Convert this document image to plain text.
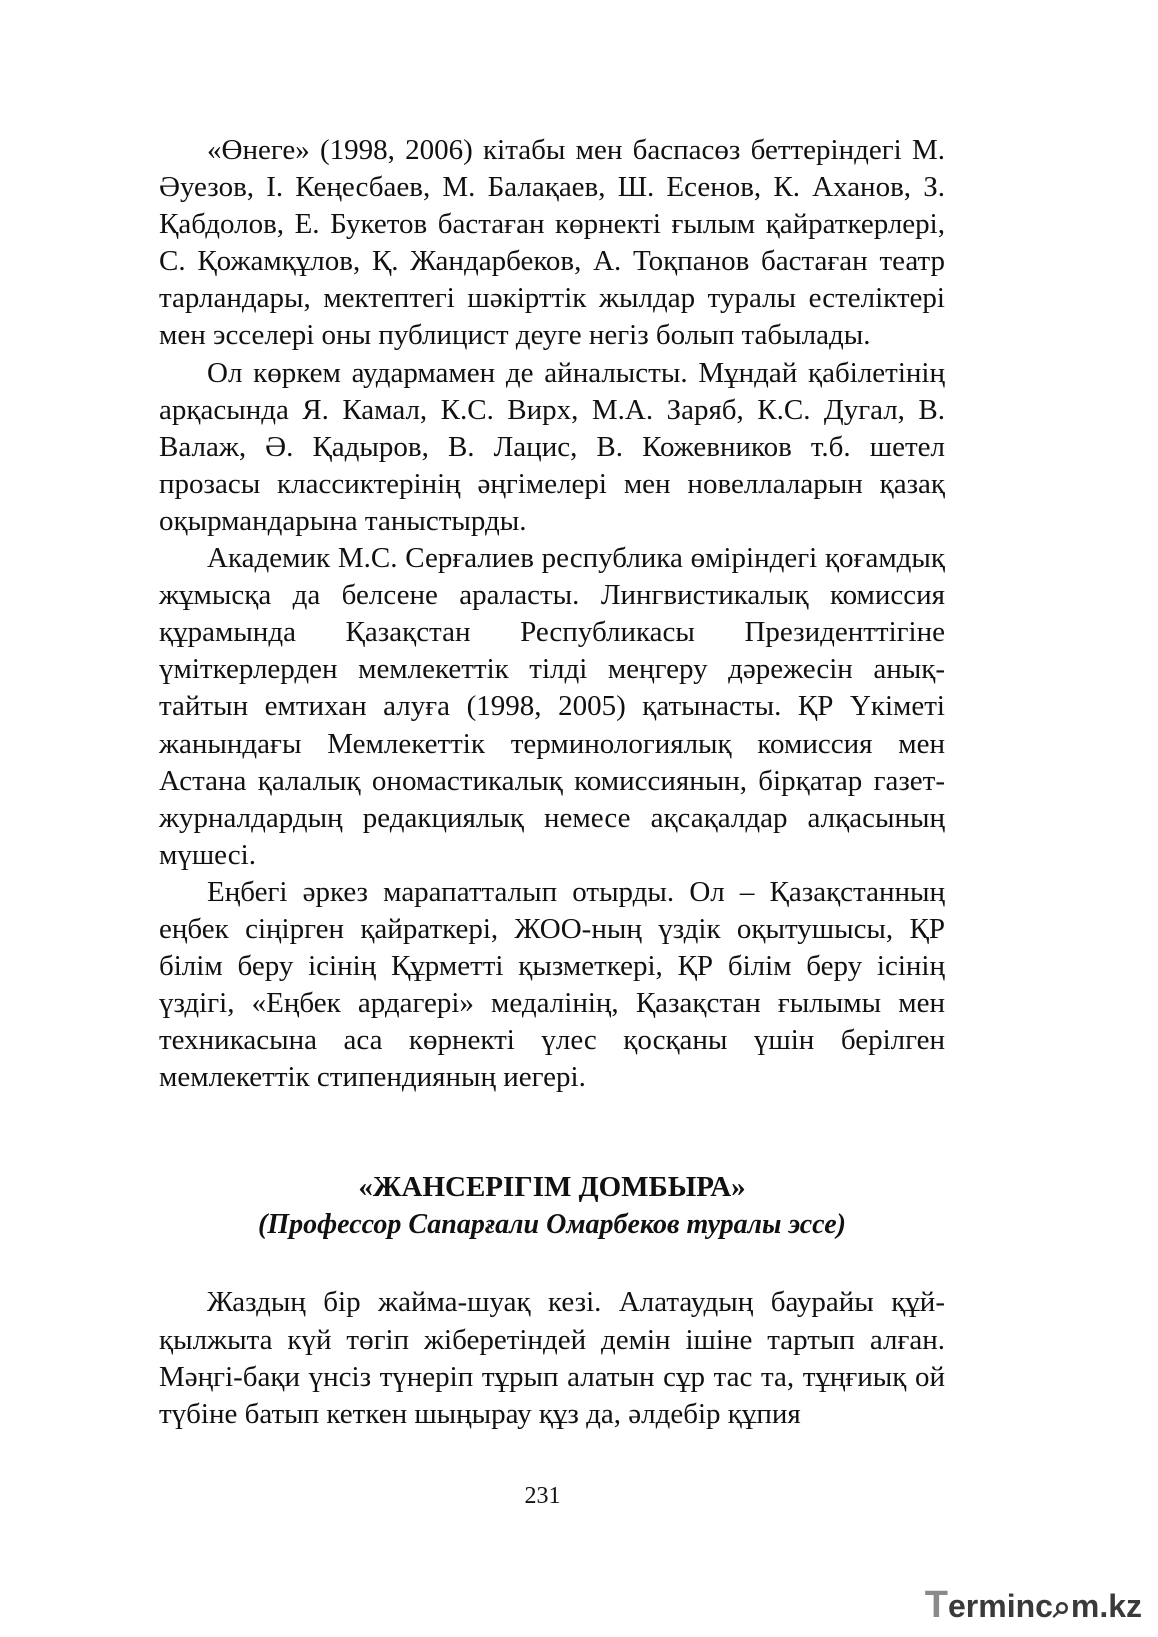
«Өнеге» (1998, 2006) кітабы мен баспасөз беттеріндегі М. Әуезов, І. Кеңесбаев, М. Балақаев, Ш. Есенов, К. Аханов, З. Қабдолов, Е. Букетов бастаған көрнекті ғылым қайраткерлері, С. Қожамқұлов, Қ. Жандарбеков, А. Тоқпанов бастаған театр тарландары, мектептегі шәкірттік жылдар туралы естеліктері мен эсселері оны публицист деуге негіз болып табылады.

Ол көркем аудармамен де айналысты. Мұндай қабілетінің арқасында Я. Камал, К.С. Вирх, М.А. Заряб, К.С. Дугал, В. Валаж, Ә. Қадыров, В. Лацис, В. Кожевников т.б. шетел прозасы классиктерінің әңгімелері мен новеллаларын қазақ оқырмандарына таныстырды.

Академик М.С. Серғалиев республика өміріндегі қоғамдық жұмысқа да белсене араласты. Лингвистикалық комиссия құрамында Қазақстан Республикасы Президенттігіне үміткерлерден мемлекеттік тілді меңгеру дәрежесін анықтайтын емтихан алуға (1998, 2005) қатынасты. ҚР Үкіметі жанындағы Мемлекеттік терминологиялық комиссия мен Астана қалалық ономастикалық комиссиянын, бірқатар газет-журналдардың редакциялық немесе ақсақалдар алқасының мүшесі.

Еңбегі әркез марапатталып отырды. Ол – Қазақстанның еңбек сіңірген қайраткері, ЖОО-ның үздік оқытушысы, ҚР білім беру ісінің Құрметті қызметкері, ҚР білім беру ісінің үздігі, «Еңбек ардагері» медалінің, Қазақстан ғылымы мен техникасына аса көрнекті үлес қосқаны үшін берілген мемлекеттік стипендияның иегері.

«ЖАНСЕРІГІМ ДОМБЫРА»

(Профессор Сапарғали Омарбеков туралы эссе)

Жаздың бір жайма-шуақ кезі. Алатаудың баурайы құйқылжыта күй төгіп жіберетіндей демін ішіне тартып алған. Мәңгі-бақи үнсіз түнеріп тұрып алатын сұр тас та, тұңғиық ой түбіне батып кеткен шыңырау құз да, әлдебір құпия

231
Terminc⌕m.kz
